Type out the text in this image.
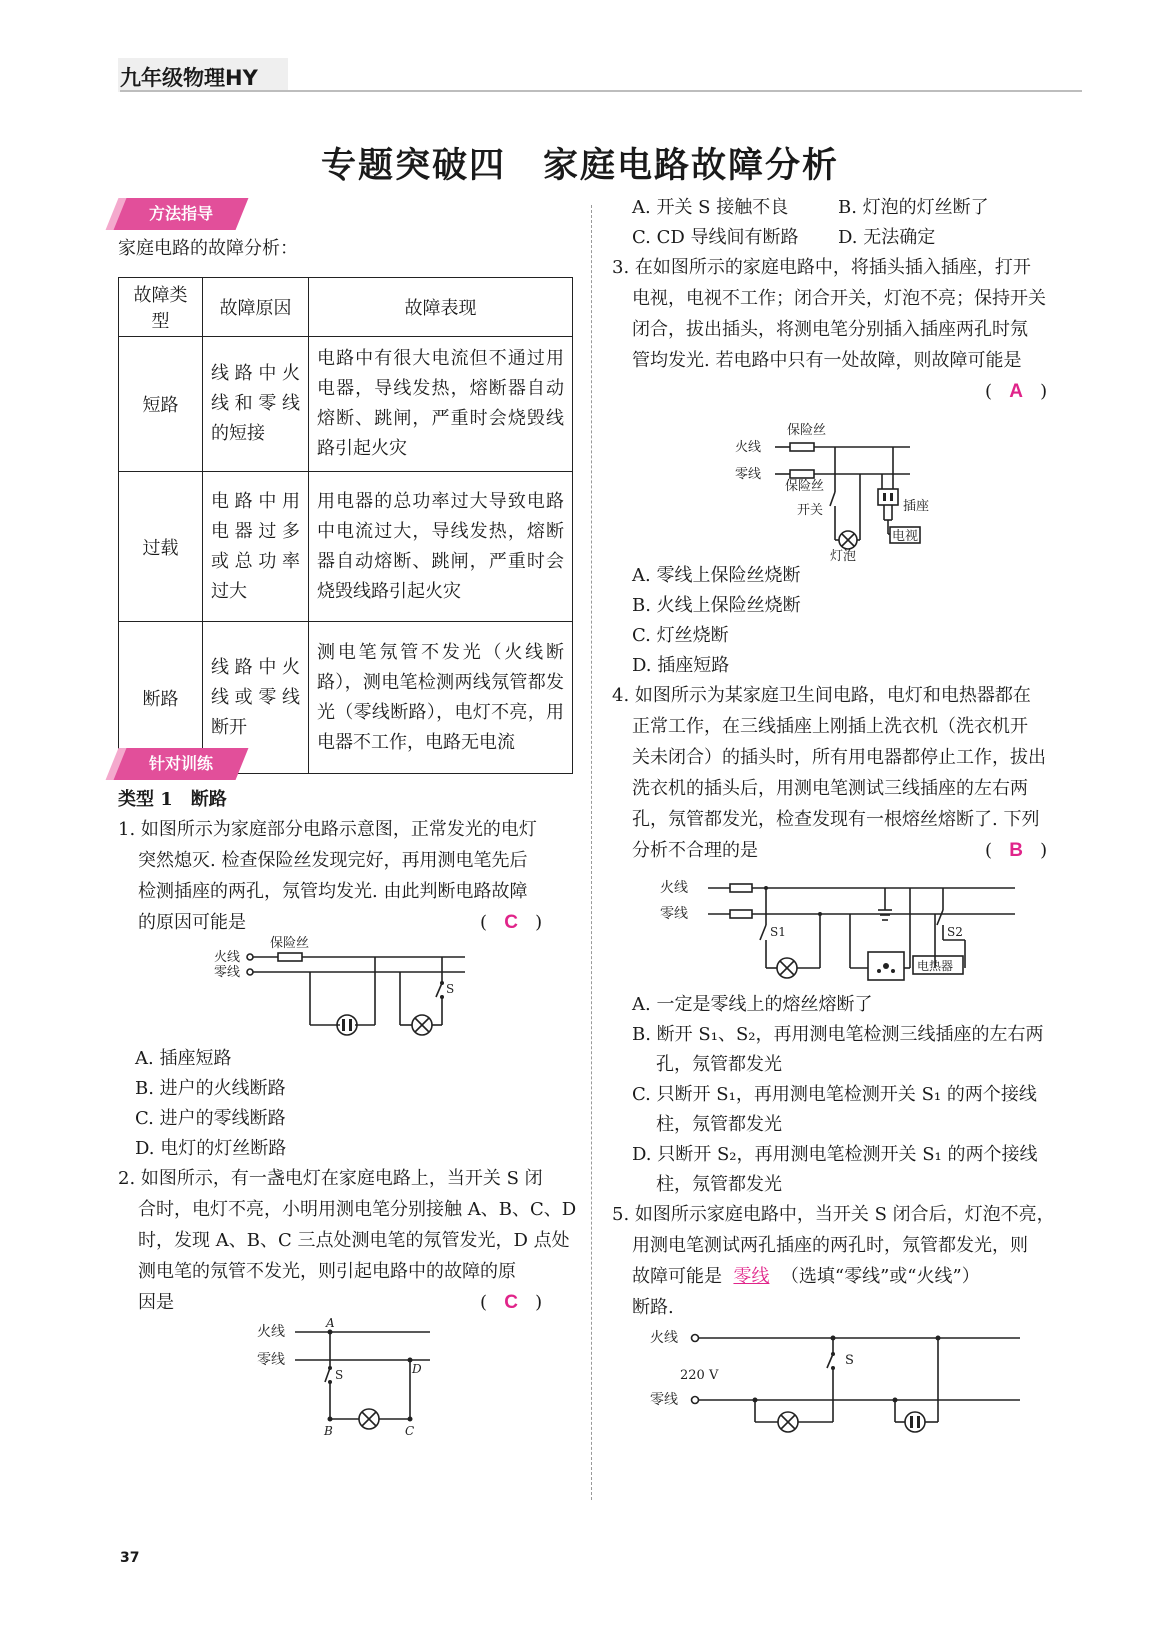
九年级物理HY
专题突破四　家庭电路故障分析
方法指导
家庭电路的故障分析：
故障类型	故障原因	故障表现
短路	线路中火线和零线的短接	电路中有很大电流但不通过用电器，导线发热，熔断器自动熔断、跳闸，严重时会烧毁线路引起火灾
过载	电路中用电器过多或总功率过大	用电器的总功率过大导致电路中电流过大，导线发热，熔断器自动熔断、跳闸，严重时会烧毁线路引起火灾
断路	线路中火线或零线断开	测电笔氖管不发光（火线断路），测电笔检测两线氖管都发光（零线断路），电灯不亮，用电器不工作，电路无电流
针对训练
类型 1　断路
1. 如图所示为家庭部分电路示意图，正常发光的电灯
突然熄灭. 检查保险丝发现完好，再用测电笔先后
检测插座的两孔，氖管均发光. 由此判断电路故障
的原因可能是	(   C   )
火线
零线
保险丝
S
A. 插座短路
B. 进户的火线断路
C. 进户的零线断路
D. 电灯的灯丝断路
2. 如图所示，有一盏电灯在家庭电路上，当开关 S 闭
合时，电灯不亮，小明用测电笔分别接触 A、B、C、D
时，发现 A、B、C 三点处测电笔的氖管发光，D 点处
测电笔的氖管不发光，则引起电路中的故障的原
因是	(   C   )
火线
零线
A
D
B	C
S
A. 开关 S 接触不良	B. 灯泡的灯丝断了
C. CD 导线间有断路 D. 无法确定
3. 在如图所示的家庭电路中，将插头插入插座，打开
电视，电视不工作；闭合开关，灯泡不亮；保持开关
闭合，拔出插头，将测电笔分别插入插座两孔时氖
管均发光. 若电路中只有一处故障，则故障可能是
(   A   )
火线
零线
保险丝
保险丝
开关	插座
电视
灯泡
A. 零线上保险丝烧断
B. 火线上保险丝烧断
C. 灯丝烧断
D. 插座短路
4. 如图所示为某家庭卫生间电路，电灯和电热器都在
正常工作，在三线插座上刚插上洗衣机（洗衣机开
关未闭合）的插头时，所有用电器都停止工作，拔出
洗衣机的插头后，用测电笔测试三线插座的左右两
孔，氖管都发光，检查发现有一根熔丝熔断了. 下列
分析不合理的是	(   B   )
火线
零线
S1	S2
电热器
A. 一定是零线上的熔丝熔断了
B. 断开 S₁、S₂，再用测电笔检测三线插座的左右两
孔，氖管都发光
C. 只断开 S₁，再用测电笔检测开关 S₁ 的两个接线
柱，氖管都发光
D. 只断开 S₂，再用测电笔检测开关 S₁ 的两个接线
柱，氖管都发光
5. 如图所示家庭电路中，当开关 S 闭合后，灯泡不亮，
用测电笔测试两孔插座的两孔时，氖管都发光，则
故障可能是 零线 （选填“零线”或“火线”）
断路.
火线
零线
220 V
S
37
